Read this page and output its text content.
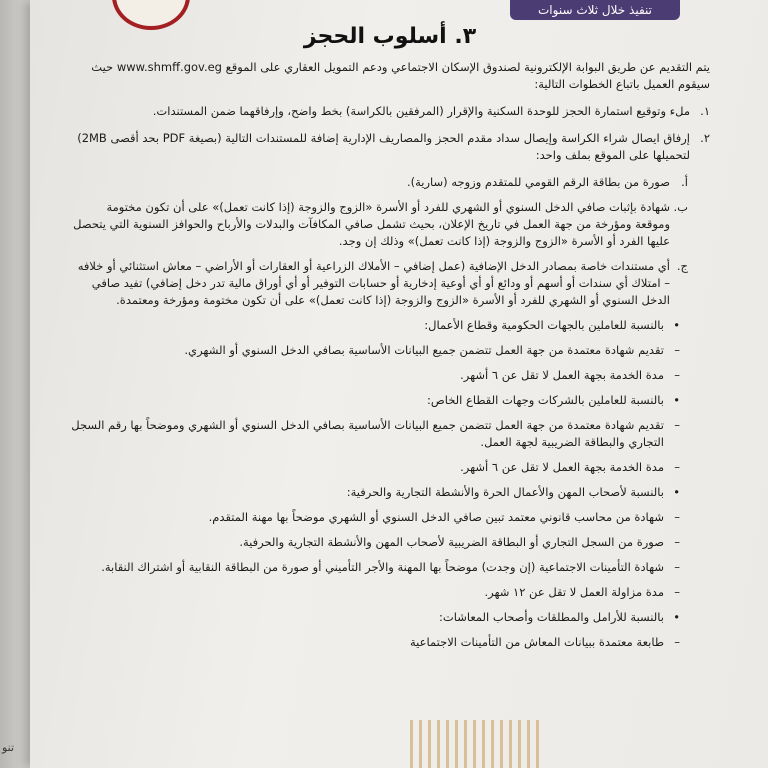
تنو
تنفيذ خلال ثلاث سنوات
٣. أسلوب الحجز
يتم التقديم عن طريق البوابة الإلكترونية لصندوق الإسكان الاجتماعي ودعم التمويل العقاري على الموقع www.shmff.gov.eg حيث سيقوم العميل باتباع الخطوات التالية:
١.
ملء وتوقيع استمارة الحجز للوحدة السكنية والإقرار (المرفقين بالكراسة) بخط واضح، وإرفاقهما ضمن المستندات.
٢.
إرفاق ايصال شراء الكراسة وإيصال سداد مقدم الحجز والمصاريف الإدارية إضافة للمستندات التالية (بصيغة PDF بحد أقصى 2MB) لتحميلها على الموقع بملف واحد:
أ.
صورة من بطاقة الرقم القومي للمتقدم وزوجه (سارية).
ب.
شهادة بإثبات صافي الدخل السنوي أو الشهري للفرد أو الأسرة «الزوج والزوجة (إذا كانت تعمل)» على أن تكون مختومة وموقعة ومؤرخة من جهة العمل في تاريخ الإعلان، بحيث تشمل صافي المكافآت والبدلات والأرباح والحوافز السنوية التي يتحصل عليها الفرد أو الأسرة «الزوج والزوجة (إذا كانت تعمل)» وذلك إن وجد.
ج.
أي مستندات خاصة بمصادر الدخل الإضافية (عمل إضافي – الأملاك الزراعية أو العقارات أو الأراضي – معاش استثنائي أو خلافه – امتلاك أي سندات أو أسهم أو ودائع أو أي أوعية إدخارية أو حسابات التوفير أو أي أوراق مالية تدر دخل إضافي) تفيد صافي الدخل السنوي أو الشهري للفرد أو الأسرة «الزوج والزوجة (إذا كانت تعمل)» على أن تكون مختومة ومؤرخة ومعتمدة.
•
بالنسبة للعاملين بالجهات الحكومية وقطاع الأعمال:
–
تقديم شهادة معتمدة من جهة العمل تتضمن جميع البيانات الأساسية بصافي الدخل السنوي أو الشهري.
–
مدة الخدمة بجهة العمل لا تقل عن ٦ أشهر.
•
بالنسبة للعاملين بالشركات وجهات القطاع الخاص:
–
تقديم شهادة معتمدة من جهة العمل تتضمن جميع البيانات الأساسية بصافي الدخل السنوي أو الشهري وموضحاً بها رقم السجل التجاري والبطاقة الضريبية لجهة العمل.
–
مدة الخدمة بجهة العمل لا تقل عن ٦ أشهر.
•
بالنسبة لأصحاب المهن والأعمال الحرة والأنشطة التجارية والحرفية:
–
شهادة من محاسب قانوني معتمد تبين صافي الدخل السنوي أو الشهري موضحاً بها مهنة المتقدم.
–
صورة من السجل التجاري أو البطاقة الضريبية لأصحاب المهن والأنشطة التجارية والحرفية.
–
شهادة التأمينات الاجتماعية (إن وجدت) موضحاً بها المهنة والأجر التأميني أو صورة من البطاقة النقابية أو اشتراك النقابة.
–
مدة مزاولة العمل لا تقل عن ١٢ شهر.
•
بالنسبة للأرامل والمطلقات وأصحاب المعاشات:
–
طابعة معتمدة ببيانات المعاش من التأمينات الاجتماعية
